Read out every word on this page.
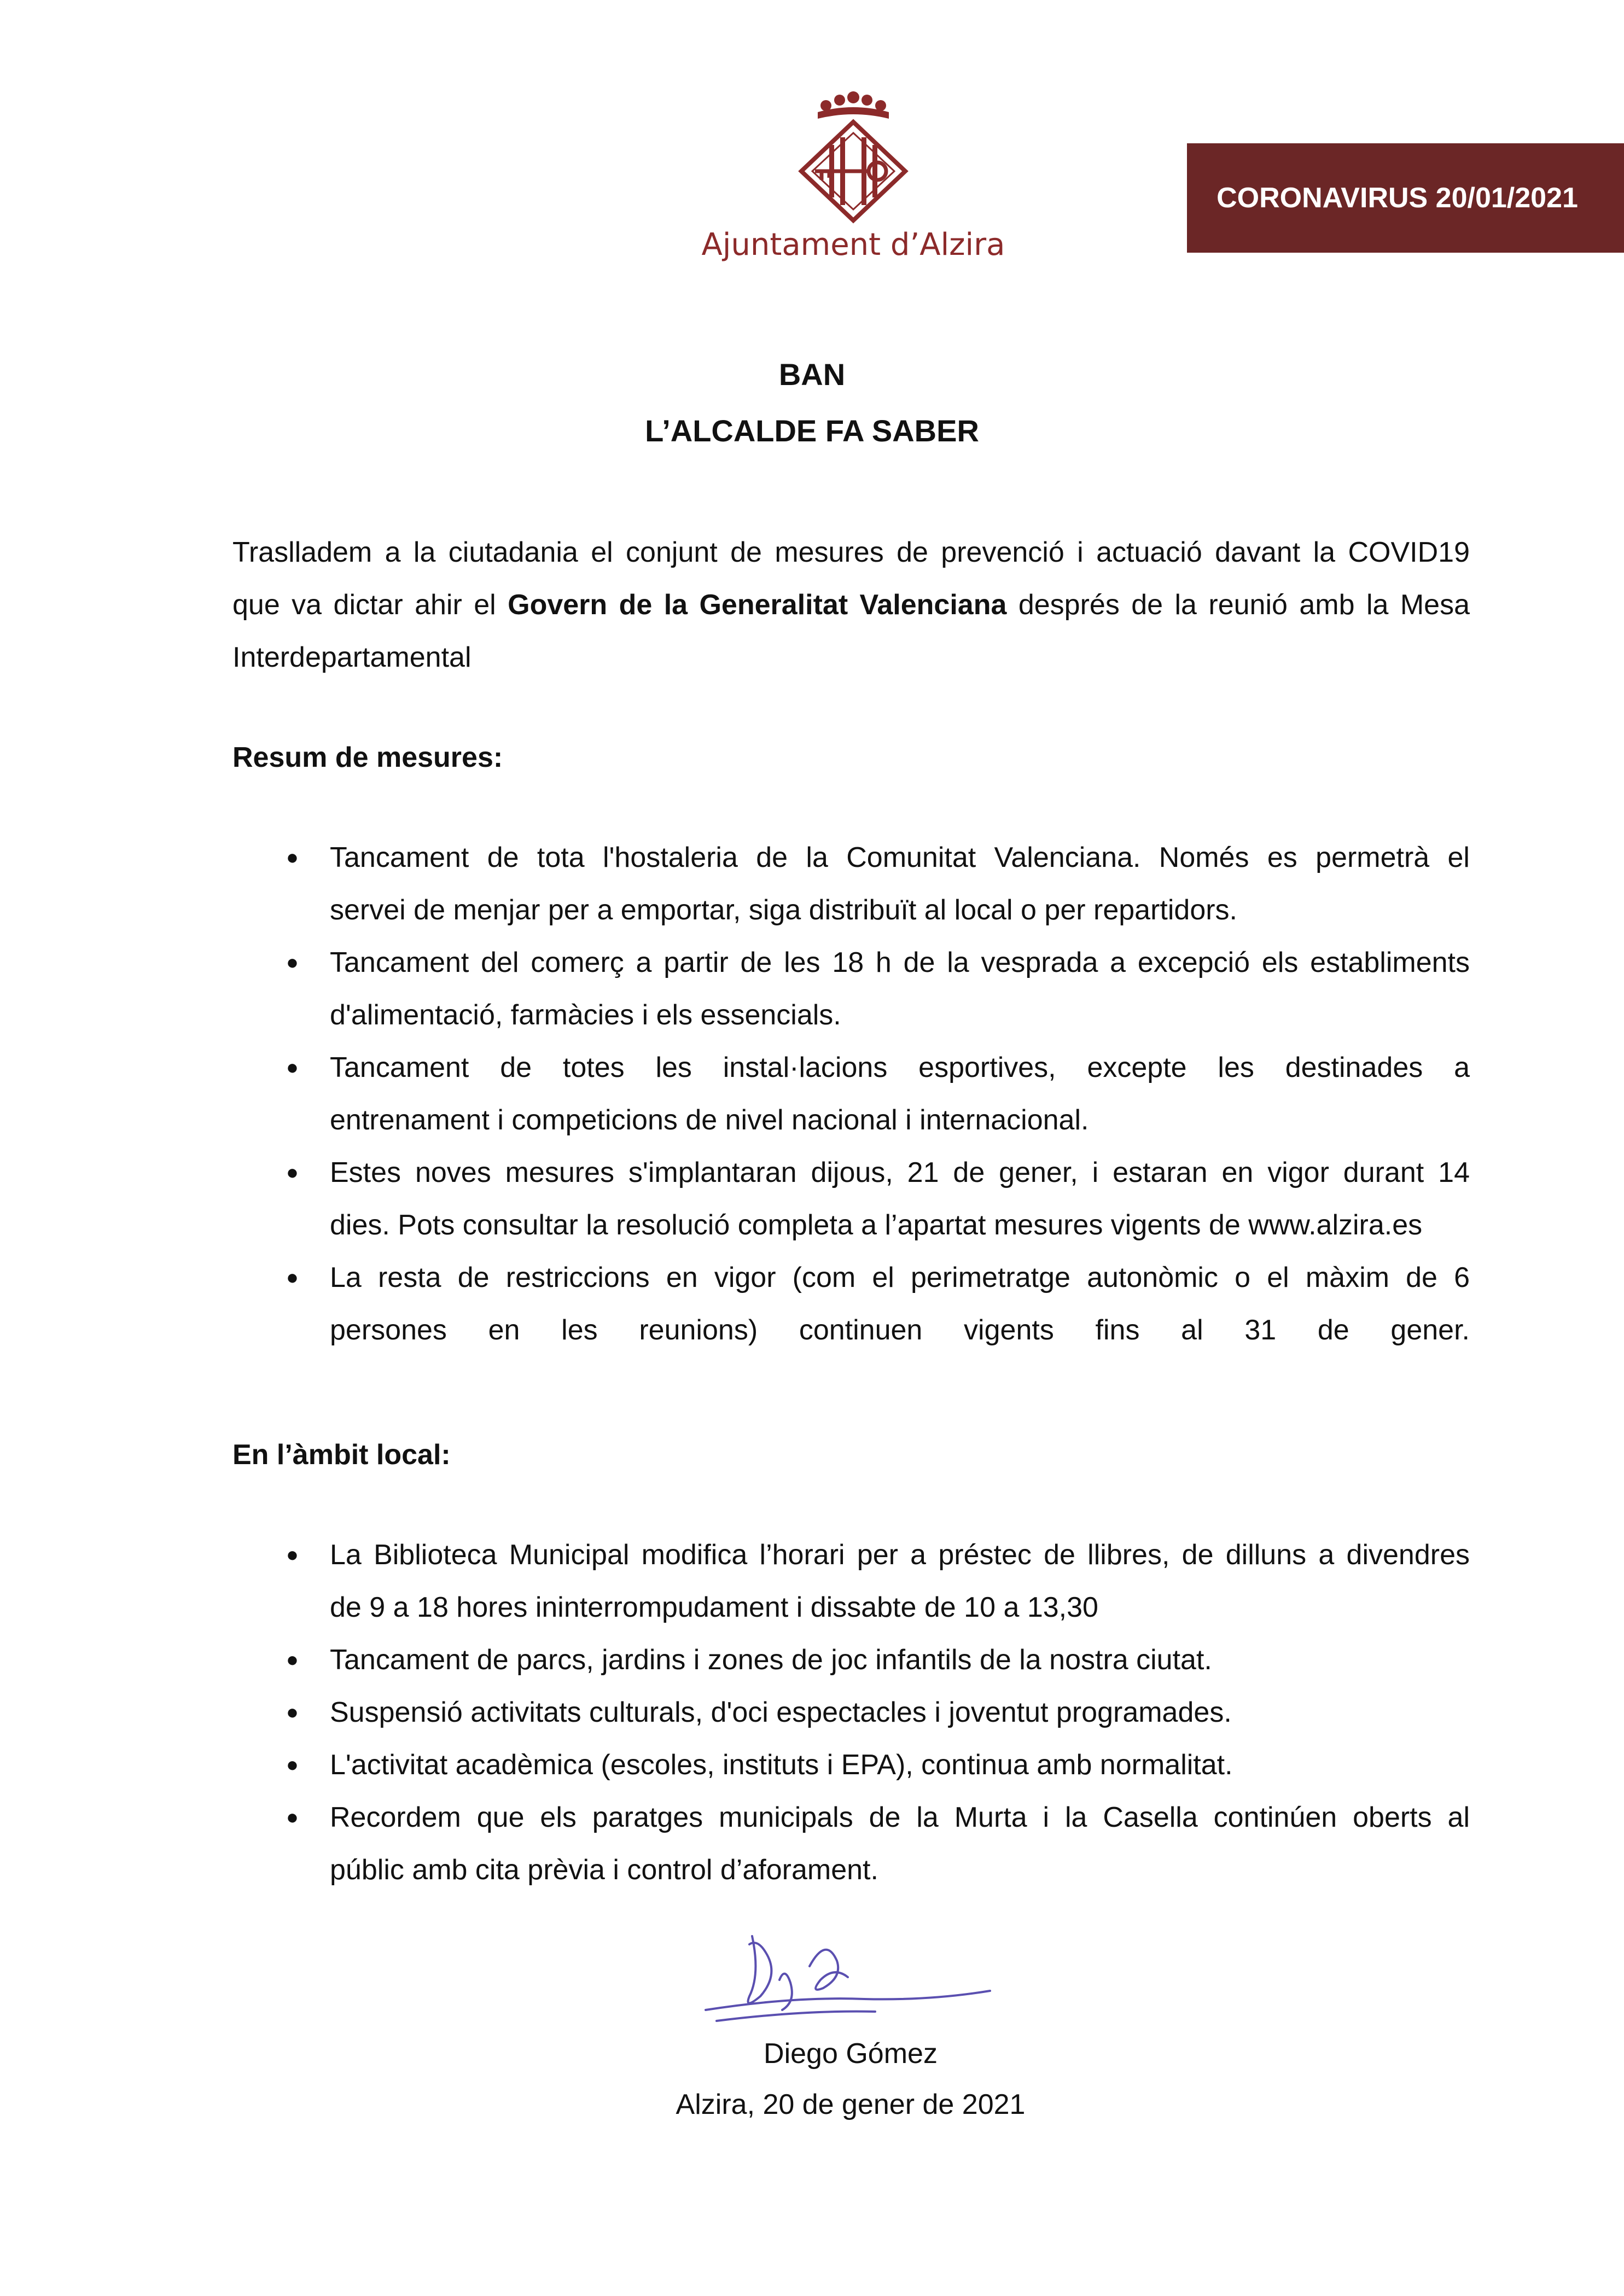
Ajuntament d’Alzira
CORONAVIRUS 20/01/2021
BAN
L’ALCALDE FA SABER
Traslladem a la ciutadania el conjunt de mesures de prevenció i actuació davant la COVID19
que va dictar ahir el Govern de la Generalitat Valenciana després de la reunió amb la Mesa
Interdepartamental
Resum de mesures:
● Tancament de tota l'hostaleria de la Comunitat Valenciana. Només es permetrà el
servei de menjar per a emportar, siga distribuït al local o per repartidors.
● Tancament del comerç a partir de les 18 h de la vesprada a excepció els establiments
d'alimentació, farmàcies i els essencials.
● Tancament de totes les instal·lacions esportives, excepte les destinades a
entrenament i competicions de nivel nacional i internacional.
● Estes noves mesures s'implantaran dijous, 21 de gener, i estaran en vigor durant 14
dies. Pots consultar la resolució completa a l’apartat mesures vigents de www.alzira.es
● La resta de restriccions en vigor (com el perimetratge autonòmic o el màxim de 6
persones en les reunions) continuen vigents fins al 31 de gener.
En l’àmbit local:
● La Biblioteca Municipal modifica l’horari per a préstec de llibres, de dilluns a divendres
de 9 a 18 hores ininterrompudament i dissabte de 10 a 13,30
● Tancament de parcs, jardins i zones de joc infantils de la nostra ciutat.
● Suspensió activitats culturals, d'oci espectacles i joventut programades.
● L'activitat acadèmica (escoles, instituts i EPA), continua amb normalitat.
● Recordem que els paratges municipals de la Murta i la Casella continúen oberts al
públic amb cita prèvia i control d’aforament.
Diego Gómez
Alzira, 20 de gener de 2021
